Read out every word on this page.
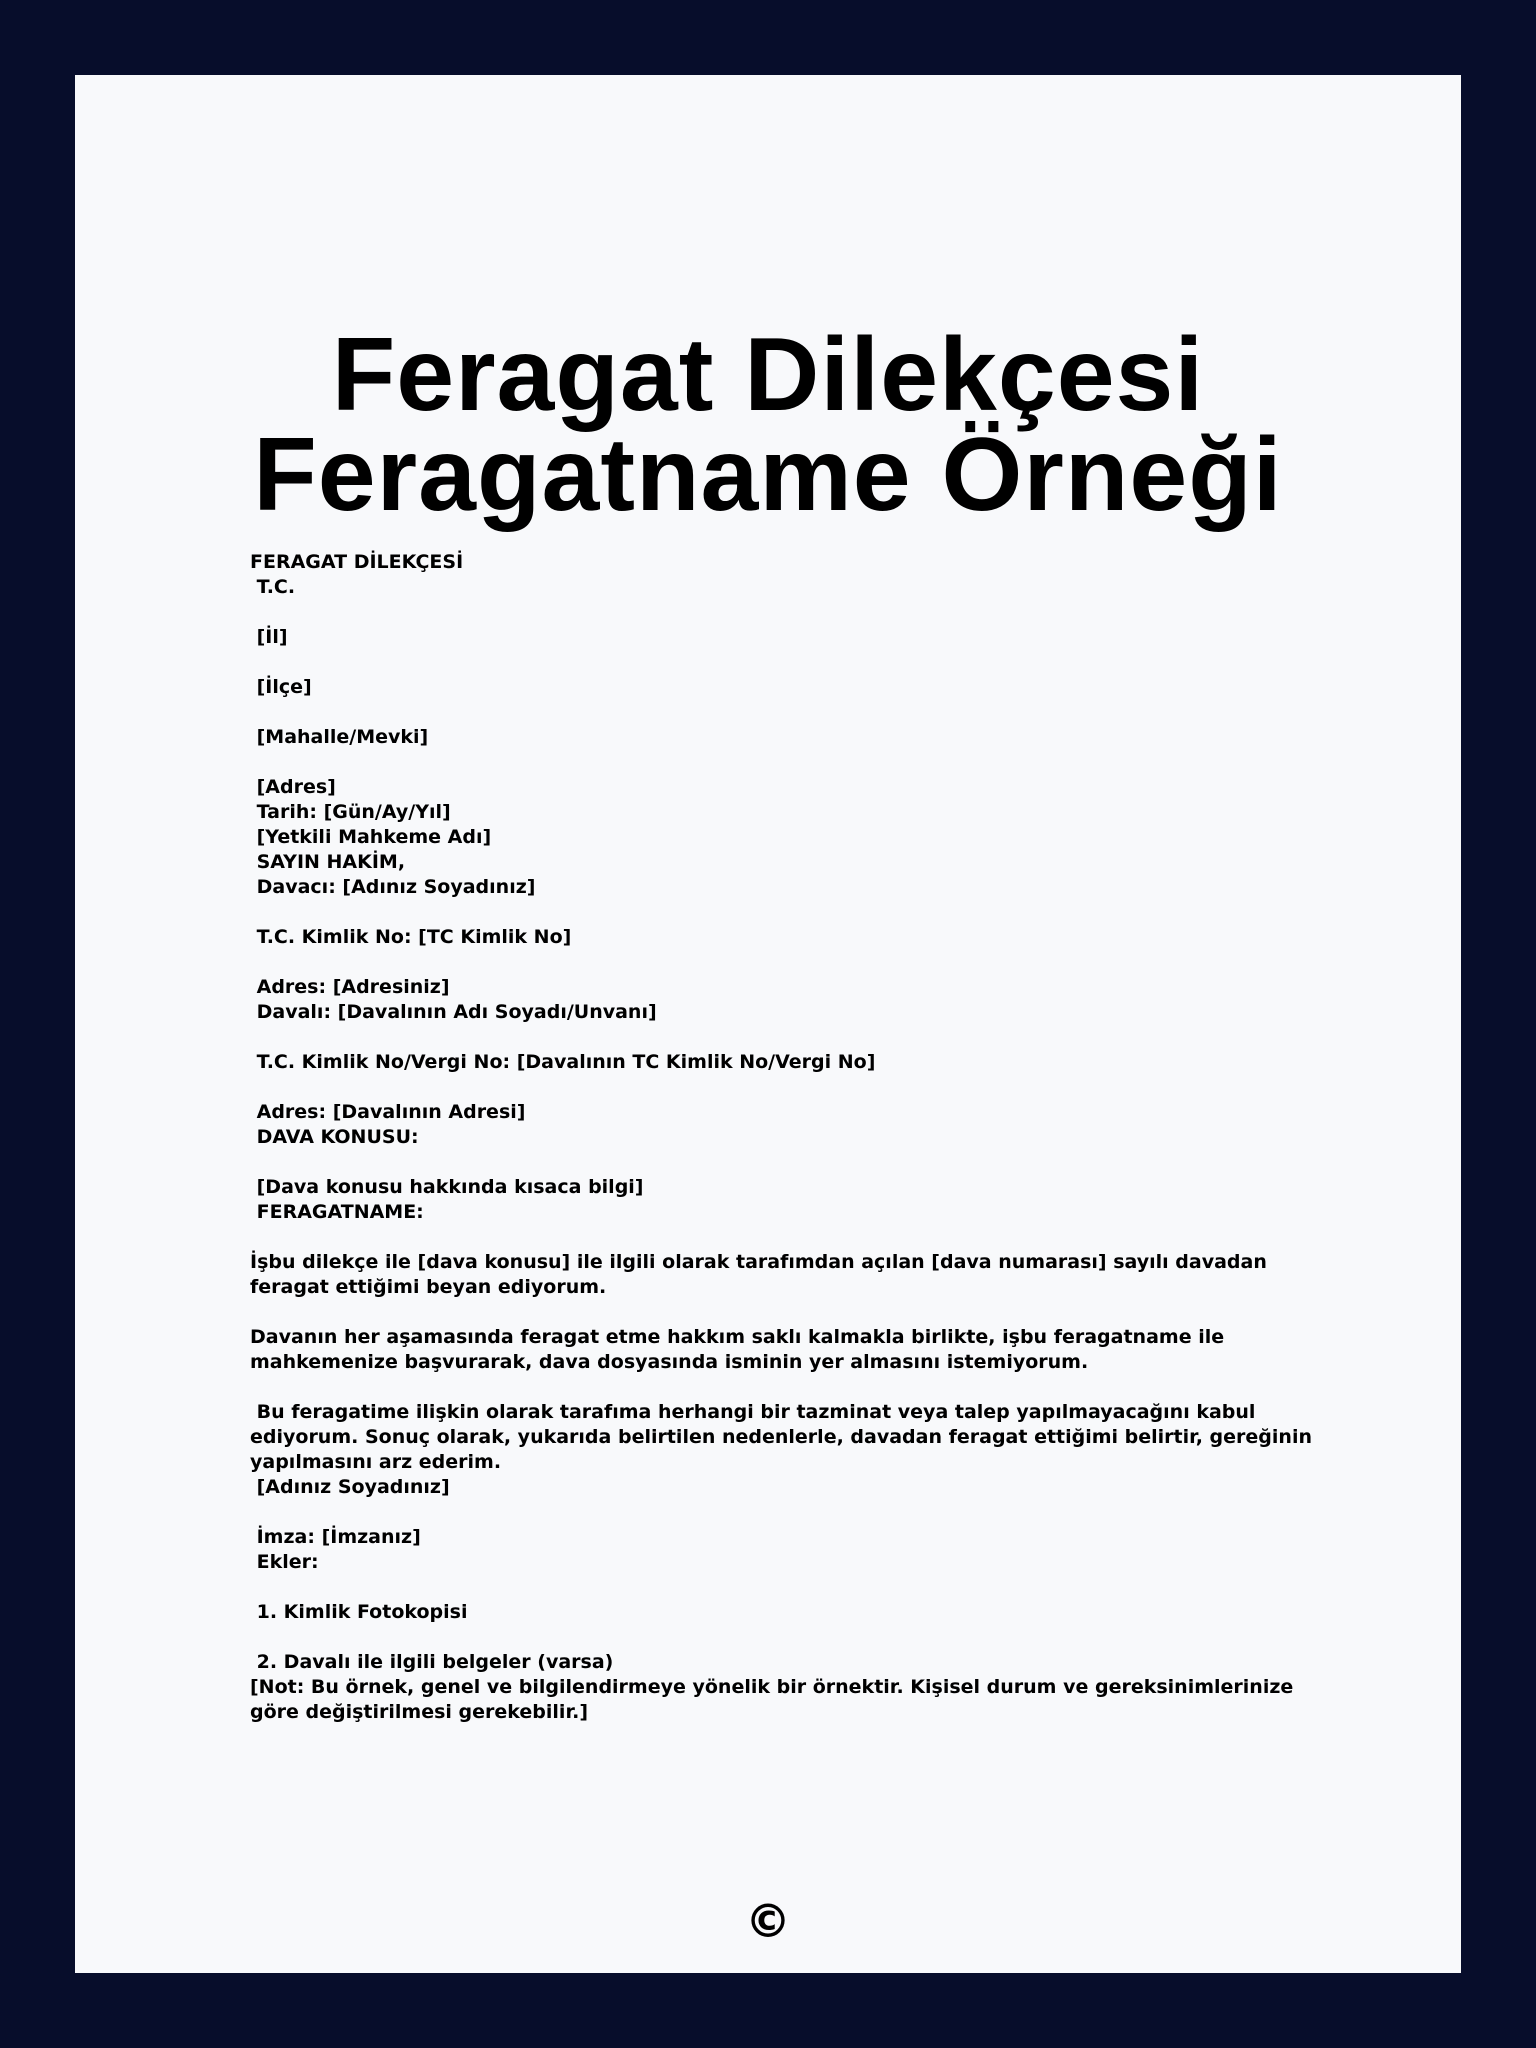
Feragat Dilekçesi
Feragatname Örneği
FERAGAT DİLEKÇESİ
T.C.
[İl]
[İlçe]
[Mahalle/Mevki]
[Adres]
Tarih: [Gün/Ay/Yıl]
[Yetkili Mahkeme Adı]
SAYIN HAKİM,
Davacı: [Adınız Soyadınız]
T.C. Kimlik No: [TC Kimlik No]
Adres: [Adresiniz]
Davalı: [Davalının Adı Soyadı/Unvanı]
T.C. Kimlik No/Vergi No: [Davalının TC Kimlik No/Vergi No]
Adres: [Davalının Adresi]
DAVA KONUSU:
[Dava konusu hakkında kısaca bilgi]
FERAGATNAME:
İşbu dilekçe ile [dava konusu] ile ilgili olarak tarafımdan açılan [dava numarası] sayılı davadan feragat ettiğimi beyan ediyorum.
Davanın her aşamasında feragat etme hakkım saklı kalmakla birlikte, işbu feragatname ile mahkemenize başvurarak, dava dosyasında isminin yer almasını istemiyorum.
Bu feragatime ilişkin olarak tarafıma herhangi bir tazminat veya talep yapılmayacağını kabul ediyorum. Sonuç olarak, yukarıda belirtilen nedenlerle, davadan feragat ettiğimi belirtir, gereğinin yapılmasını arz ederim.
[Adınız Soyadınız]
İmza: [İmzanız]
Ekler:
1. Kimlik Fotokopisi
2. Davalı ile ilgili belgeler (varsa)
[Not: Bu örnek, genel ve bilgilendirmeye yönelik bir örnektir. Kişisel durum ve gereksinimlerinize göre değiştirilmesi gerekebilir.]
©
